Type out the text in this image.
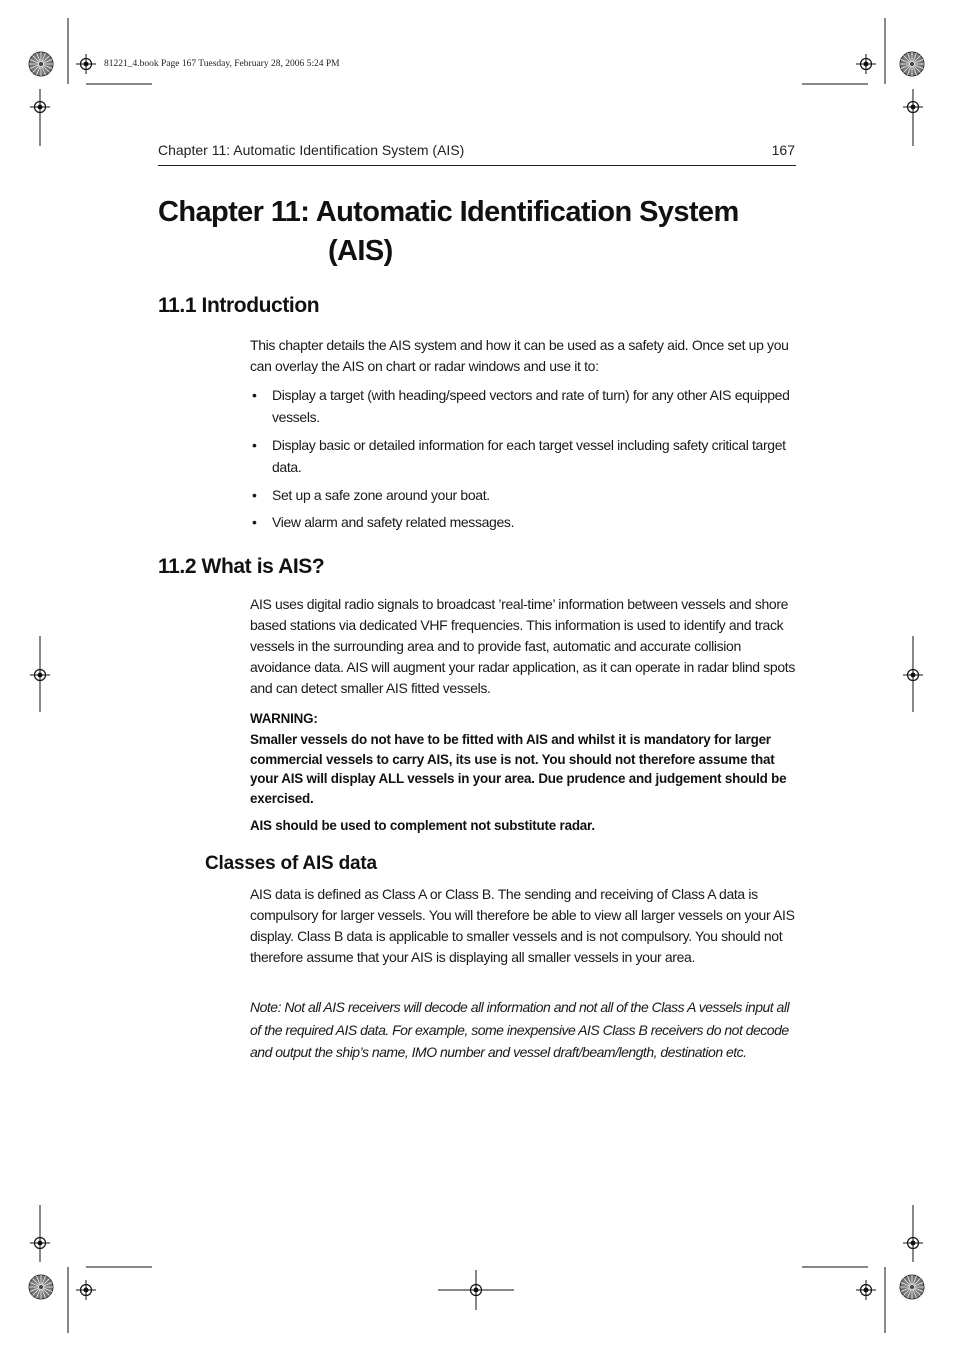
81221_4.book Page 167 Tuesday, February 28, 2006 5:24 PM
Chapter 11: Automatic Identification System (AIS)	167
Chapter 11: Automatic Identification System
(AIS)
11.1 Introduction

This chapter details the AIS system and how it can be used as a safety aid. Once set up you can overlay the AIS on chart or radar windows and use it to:

• Display a target (with heading/speed vectors and rate of turn) for any other AIS equipped vessels.
• Display basic or detailed information for each target vessel including safety critical target data.
• Set up a safe zone around your boat.
• View alarm and safety related messages.
11.2 What is AIS?

AIS uses digital radio signals to broadcast ’real-time’ information between vessels and shore based stations via dedicated VHF frequencies. This information is used to identify and track vessels in the surrounding area and to provide fast, automatic and accurate collision avoidance data. AIS will augment your radar application, as it can operate in radar blind spots and can detect smaller AIS fitted vessels.

WARNING:

Smaller vessels do not have to be fitted with AIS and whilst it is mandatory for larger commercial vessels to carry AIS, its use is not. You should not therefore assume that your AIS will display ALL vessels in your area. Due prudence and judgement should be exercised.

AIS should be used to complement not substitute radar.

Classes of AIS data

AIS data is defined as Class A or Class B. The sending and receiving of Class A data is compulsory for larger vessels. You will therefore be able to view all larger vessels on your AIS display. Class B data is applicable to smaller vessels and is not compulsory. You should not therefore assume that your AIS is displaying all smaller vessels in your area.

Note: Not all AIS receivers will decode all information and not all of the Class A vessels input all of the required AIS data. For example, some inexpensive AIS Class B receivers do not decode and output the ship’s name, IMO number and vessel draft/beam/length, destination etc.
